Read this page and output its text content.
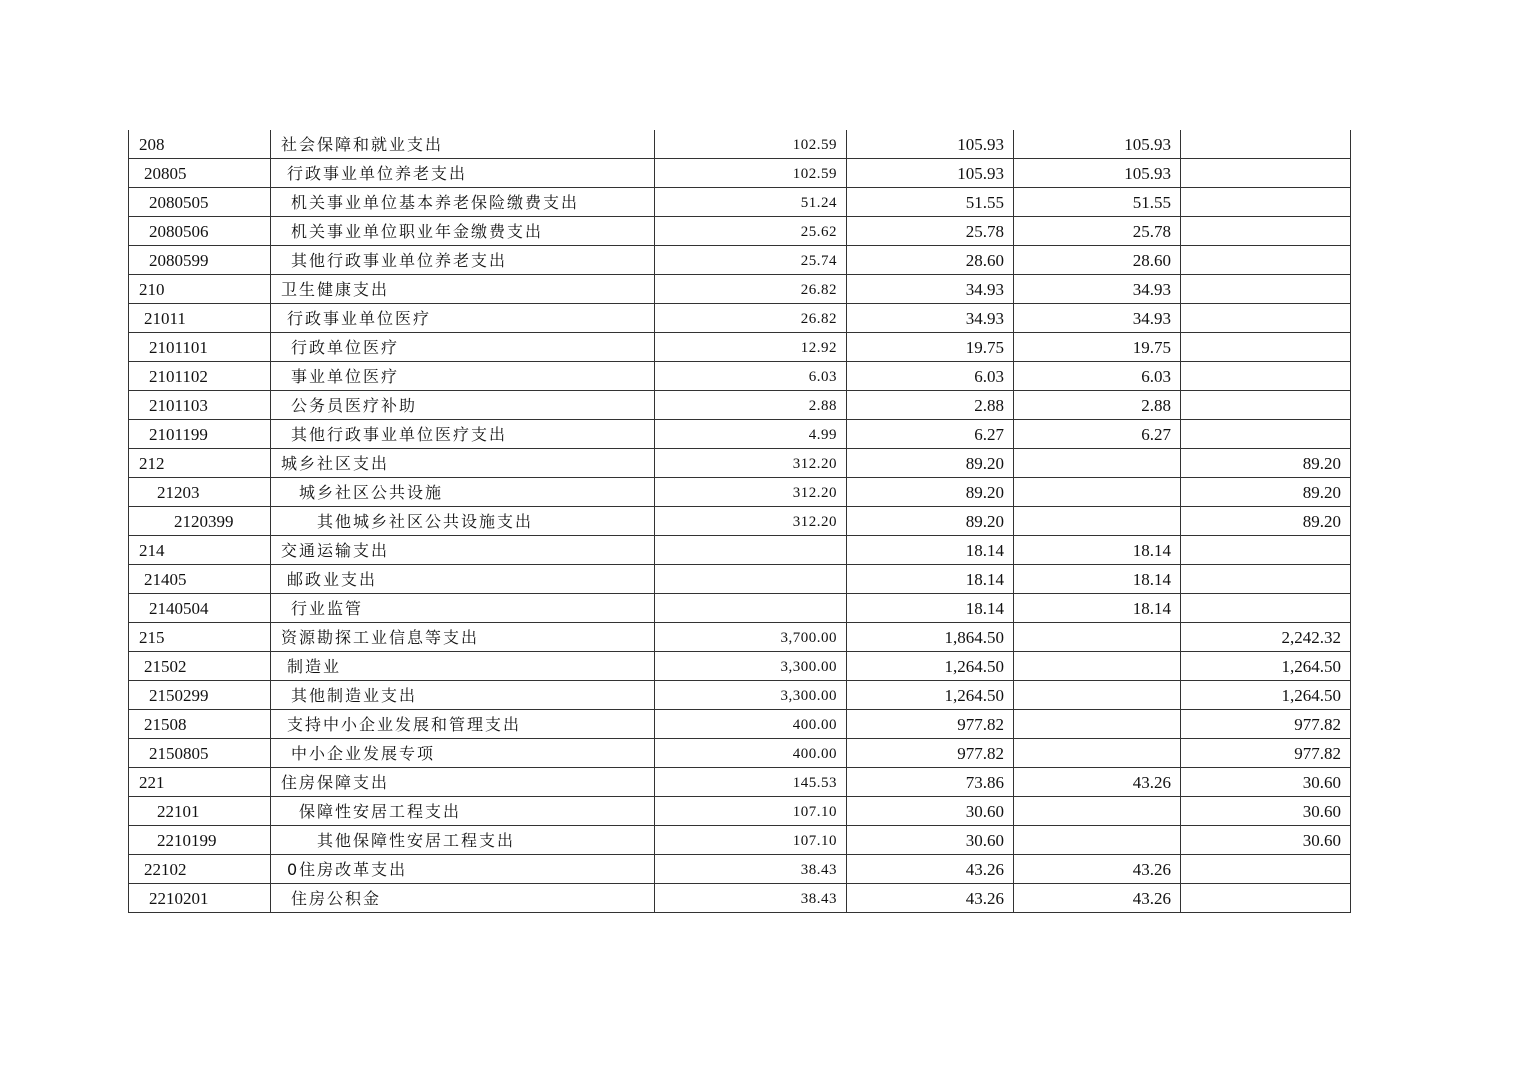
208	社会保障和就业支出	102.59	105.93	105.93	
20805	行政事业单位养老支出	102.59	105.93	105.93	
2080505	机关事业单位基本养老保险缴费支出	51.24	51.55	51.55	
2080506	机关事业单位职业年金缴费支出	25.62	25.78	25.78	
2080599	其他行政事业单位养老支出	25.74	28.60	28.60	
210	卫生健康支出	26.82	34.93	34.93	
21011	行政事业单位医疗	26.82	34.93	34.93	
2101101	行政单位医疗	12.92	19.75	19.75	
2101102	事业单位医疗	6.03	6.03	6.03	
2101103	公务员医疗补助	2.88	2.88	2.88	
2101199	其他行政事业单位医疗支出	4.99	6.27	6.27	
212	城乡社区支出	312.20	89.20		89.20
21203	城乡社区公共设施	312.20	89.20		89.20
2120399	其他城乡社区公共设施支出	312.20	89.20		89.20
214	交通运输支出		18.14	18.14	
21405	邮政业支出		18.14	18.14	
2140504	行业监管		18.14	18.14	
215	资源勘探工业信息等支出	3,700.00	1,864.50		2,242.32
21502	制造业	3,300.00	1,264.50		1,264.50
2150299	其他制造业支出	3,300.00	1,264.50		1,264.50
21508	支持中小企业发展和管理支出	400.00	977.82		977.82
2150805	中小企业发展专项	400.00	977.82		977.82
221	住房保障支出	145.53	73.86	43.26	30.60
22101	保障性安居工程支出	107.10	30.60		30.60
2210199	其他保障性安居工程支出	107.10	30.60		30.60
22102	0住房改革支出	38.43	43.26	43.26	
2210201	住房公积金	38.43	43.26	43.26	
